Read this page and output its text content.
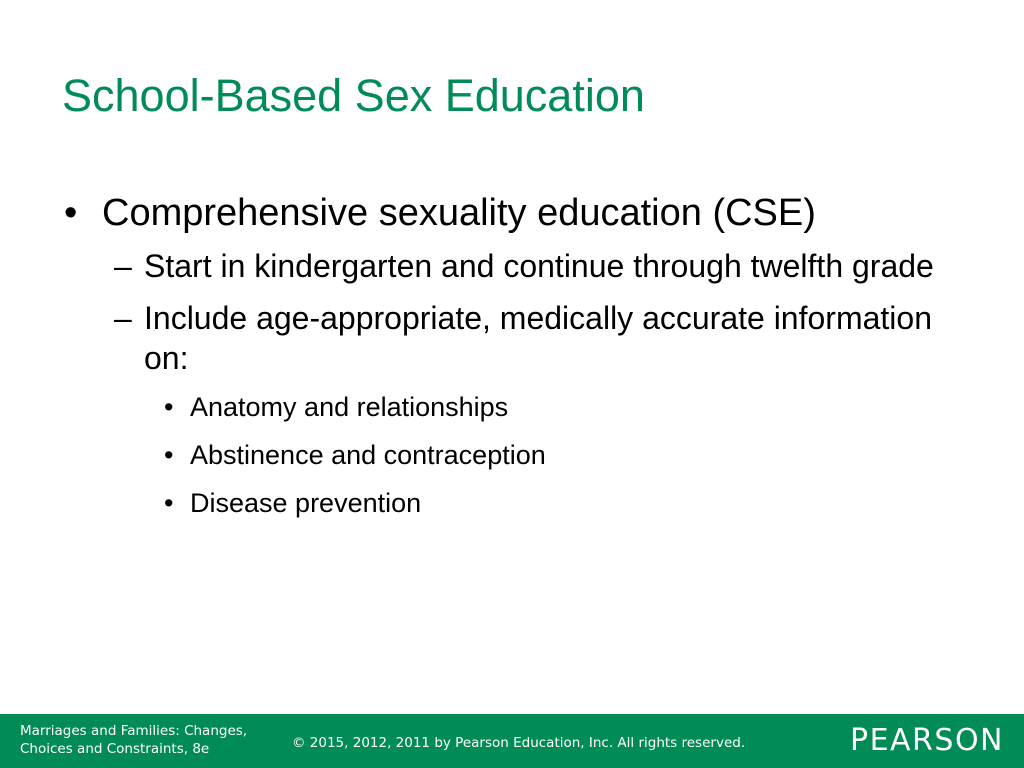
School-Based Sex Education
• Comprehensive sexuality education (CSE)
– Start in kindergarten and continue through twelfth grade
– Include age-appropriate, medically accurate information on:
• Anatomy and relationships
• Abstinence and contraception
• Disease prevention
Marriages and Families: Changes,
Choices and Constraints, 8e	© 2015, 2012, 2011 by Pearson Education, Inc. All rights reserved.	PEARSON
